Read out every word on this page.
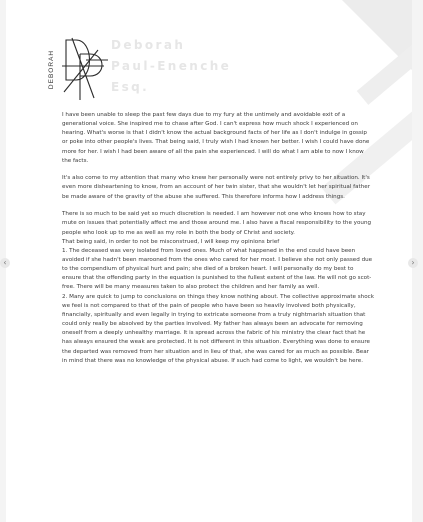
DEBORAH
Deborah
Paul-Enenche
Esq.

I have been unable to sleep the past few days due to my fury at the untimely and avoidable exit of a generational voice. She inspired me to chase after God. I can't express how much shock I experienced on hearing. What's worse is that I didn't know the actual background facts of her life as I don't indulge in gossip or poke into other people's lives. That being said, I truly wish I had known her better. I wish I could have done more for her. I wish I had been aware of all the pain she experienced. I will do what I am able to now I know the facts.

It's also come to my attention that many who knew her personally were not entirely privy to her situation. It's even more disheartening to know, from an account of her twin sister, that she wouldn't let her spiritual father be made aware of the gravity of the abuse she suffered. This therefore informs how I address things.

There is so much to be said yet so much discretion is needed. I am however not one who knows how to stay mute on issues that potentially affect me and those around me. I also have a fiscal responsibility to the young people who look up to me as well as my role in both the body of Christ and society.

That being said, in order to not be misconstrued, I will keep my opinions brief

1. The deceased was very isolated from loved ones. Much of what happened in the end could have been avoided if she hadn't been marooned from the ones who cared for her most. I believe she not only passed due to the compendium of physical hurt and pain; she died of a broken heart. I will personally do my best to ensure that the offending party in the equation is punished to the fullest extent of the law. He will not go scot-free. There will be many measures taken to also protect the children and her family as well.

2. Many are quick to jump to conclusions on things they know nothing about. The collective approximate shock we feel is not compared to that of the pain of people who have been so heavily involved both physically, financially, spiritually and even legally in trying to extricate someone from a truly nightmarish situation that could only really be absolved by the parties involved. My father has always been an advocate for removing oneself from a deeply unhealthy marriage. It is spread across the fabric of his ministry the clear fact that he has always ensured the weak are protected. It is not different in this situation. Everything was done to ensure the departed was removed from her situation and in lieu of that, she was cared for as much as possible. Bear in mind that there was no knowledge of the physical abuse. If such had come to light, we wouldn't be here.

‹	›
